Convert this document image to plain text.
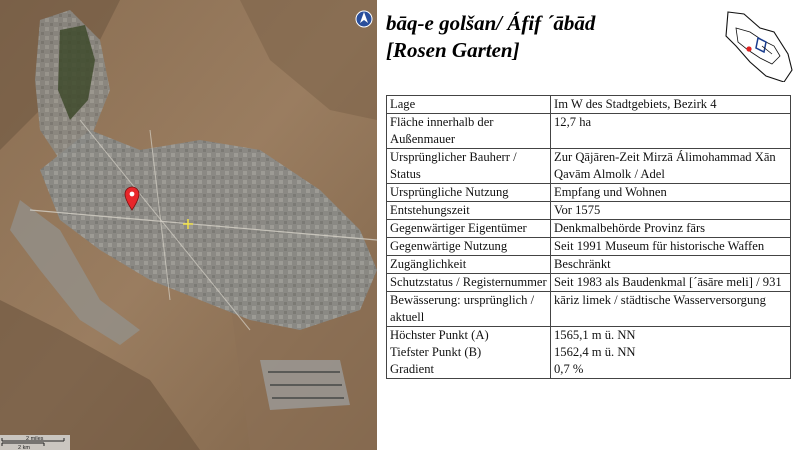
2 miles
2 km
bāq-e golšan/ Áfif ´ābād
[Rosen Garten]
Lage	Im W des Stadtgebiets, Bezirk 4
Fläche innerhalb der Außenmauer	12,7 ha
Ursprünglicher Bauherr / Status	Zur Qājāren-Zeit Mirzā Álimohammad Xān Qavām Almolk / Adel
Ursprüngliche Nutzung	Empfang und Wohnen
Entstehungszeit	Vor 1575
Gegenwärtiger Eigentümer	Denkmalbehörde Provinz fārs
Gegenwärtige Nutzung	Seit 1991 Museum für historische Waffen
Zugänglichkeit	Beschränkt
Schutzstatus / Registernummer	Seit 1983 als Baudenkmal [´āsāre meli] / 931
Bewässerung: ursprünglich / aktuell	kāriz limek / städtische Wasserversorgung
Höchster Punkt (A)	1565,1 m ü. NN
Tiefster Punkt (B)	1562,4 m ü. NN
Gradient	0,7 %
